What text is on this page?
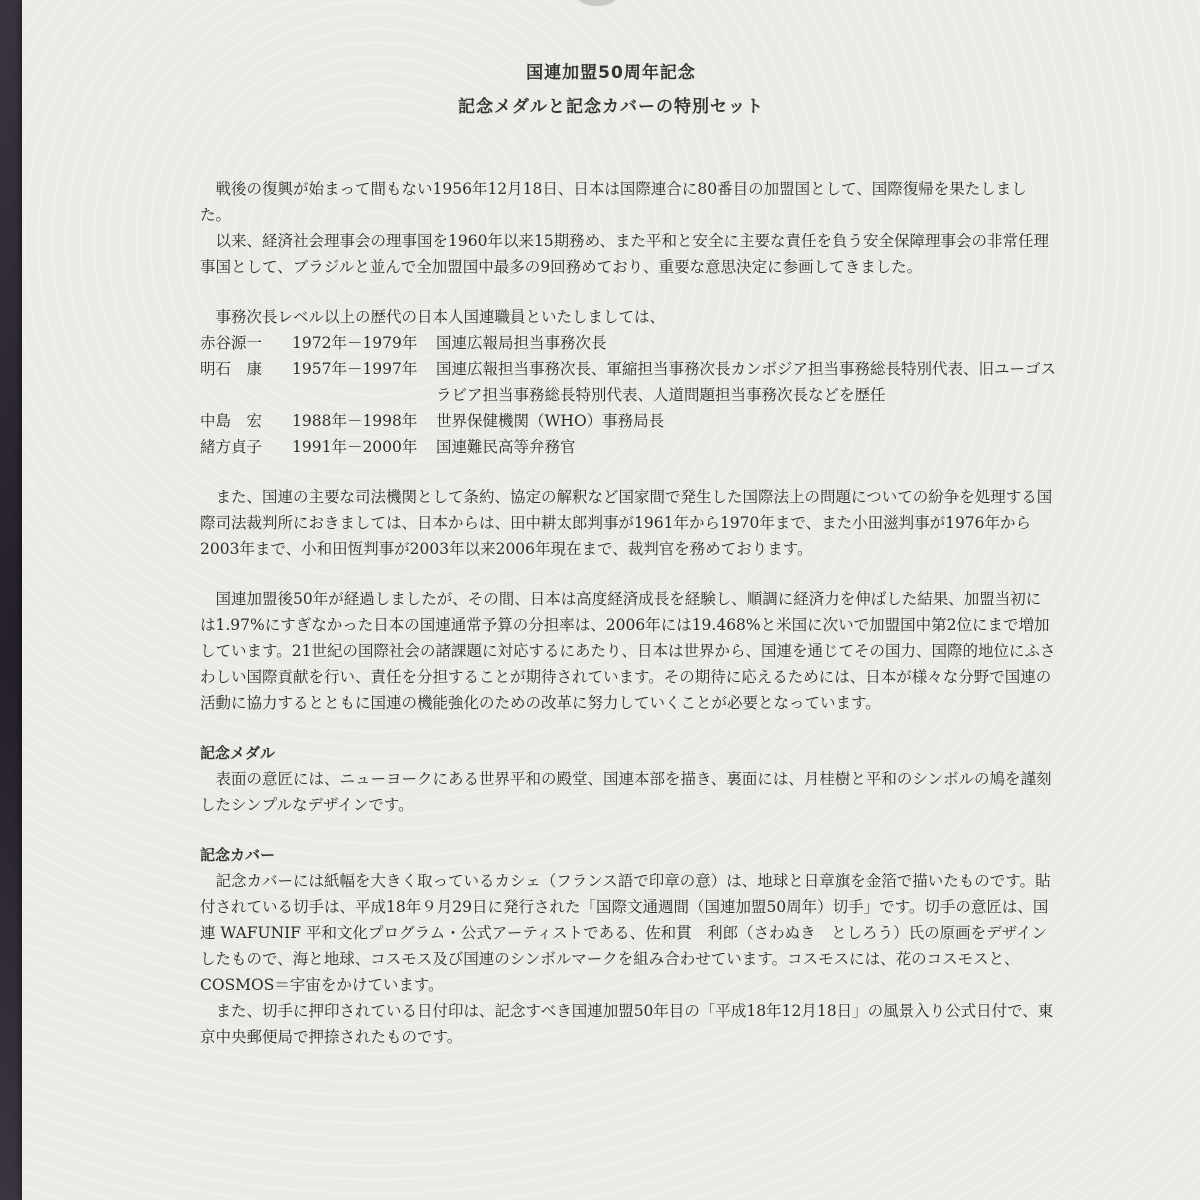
国連加盟50周年記念
記念メダルと記念カバーの特別セット

戦後の復興が始まって間もない1956年12月18日、日本は国際連合に80番目の加盟国として、国際復帰を果たしました。

以来、経済社会理事会の理事国を1960年以来15期務め、また平和と安全に主要な責任を負う安全保障理事会の非常任理事国として、ブラジルと並んで全加盟国中最多の9回務めており、重要な意思決定に参画してきました。

事務次長レベル以上の歴代の日本人国連職員といたしましては、

赤谷源一	1972年－1979年	国連広報局担当事務次長
明石　康	1957年－1997年	国連広報担当事務次長、軍縮担当事務次長カンボジア担当事務総長特別代表、旧ユーゴスラビア担当事務総長特別代表、人道問題担当事務次長などを歴任
中島　宏	1988年－1998年	世界保健機関（WHO）事務局長
緒方貞子	1991年－2000年	国連難民高等弁務官

また、国連の主要な司法機関として条約、協定の解釈など国家間で発生した国際法上の問題についての紛争を処理する国際司法裁判所におきましては、日本からは、田中耕太郎判事が1961年から1970年まで、また小田滋判事が1976年から2003年まで、小和田恆判事が2003年以来2006年現在まで、裁判官を務めております。

国連加盟後50年が経過しましたが、その間、日本は高度経済成長を経験し、順調に経済力を伸ばした結果、加盟当初には1.97%にすぎなかった日本の国連通常予算の分担率は、2006年には19.468%と米国に次いで加盟国中第2位にまで増加しています。21世紀の国際社会の諸課題に対応するにあたり、日本は世界から、国連を通じてその国力、国際的地位にふさわしい国際貢献を行い、責任を分担することが期待されています。その期待に応えるためには、日本が様々な分野で国連の活動に協力するとともに国連の機能強化のための改革に努力していくことが必要となっています。

記念メダル

表面の意匠には、ニューヨークにある世界平和の殿堂、国連本部を描き、裏面には、月桂樹と平和のシンボルの鳩を謹刻したシンプルなデザインです。

記念カバー

記念カバーには紙幅を大きく取っているカシェ（フランス語で印章の意）は、地球と日章旗を金箔で描いたものです。貼付されている切手は、平成18年９月29日に発行された「国際文通週間（国連加盟50周年）切手」です。切手の意匠は、国連 WAFUNIF 平和文化プログラム・公式アーティストである、佐和貫　利郎（さわぬき　としろう）氏の原画をデザインしたもので、海と地球、コスモス及び国連のシンボルマークを組み合わせています。コスモスには、花のコスモスと、COSMOS＝宇宙をかけています。

また、切手に押印されている日付印は、記念すべき国連加盟50年目の「平成18年12月18日」の風景入り公式日付で、東京中央郵便局で押捺されたものです。
